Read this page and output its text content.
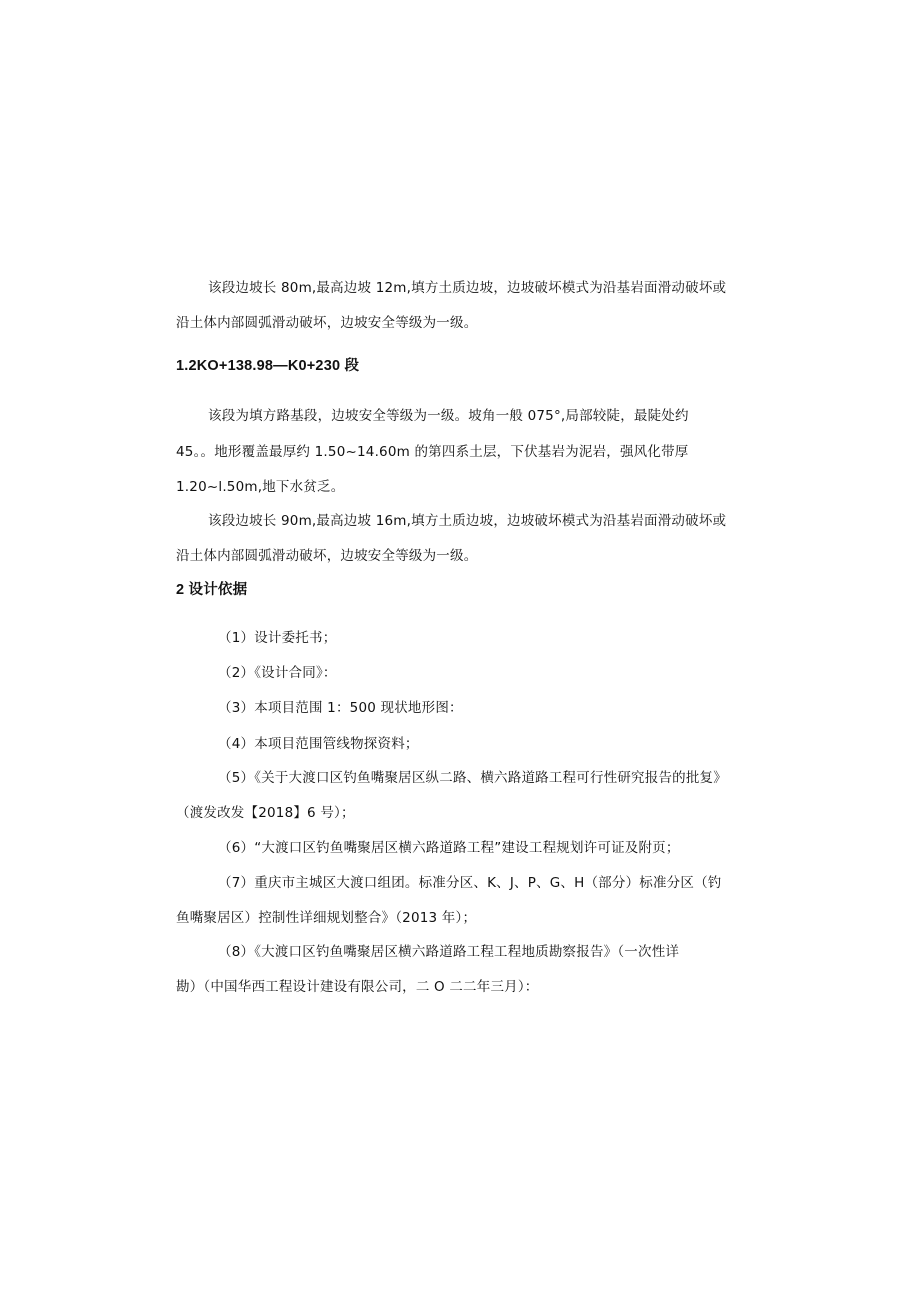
该段边坡长 80m,最高边坡 12m,填方土质边坡，边坡破坏模式为沿基岩面滑动破坏或
沿土体内部圆弧滑动破坏，边坡安全等级为一级。
1.2KO+138.98—K0+230 段
该段为填方路基段，边坡安全等级为一级。坡角一般 075°,局部较陡，最陡处约
45。。地形覆盖最厚约 1.50~14.60m 的第四系土层，下伏基岩为泥岩，强风化带厚
1.20~l.50m,地下水贫乏。
该段边坡长 90m,最高边坡 16m,填方土质边坡，边坡破坏模式为沿基岩面滑动破坏或
沿土体内部圆弧滑动破坏，边坡安全等级为一级。
2 设计依据
（1）设计委托书；
（2）《设计合同》：
（3）本项目范围 1：500 现状地形图：
（4）本项目范围管线物探资料；
（5）《关于大渡口区钓鱼嘴聚居区纵二路、横六路道路工程可行性研究报告的批复》
（渡发改发【2018】6 号）；
（6）“大渡口区钓鱼嘴聚居区横六路道路工程”建设工程规划许可证及附页；
（7）重庆市主城区大渡口组团。标准分区、K、J、P、G、H（部分）标准分区（钓
鱼嘴聚居区）控制性详细规划整合》（2013 年）；
（8）《大渡口区钓鱼嘴聚居区横六路道路工程工程地质勘察报告》（一次性详
勘）（中国华西工程设计建设有限公司，二 O 二二年三月）：
